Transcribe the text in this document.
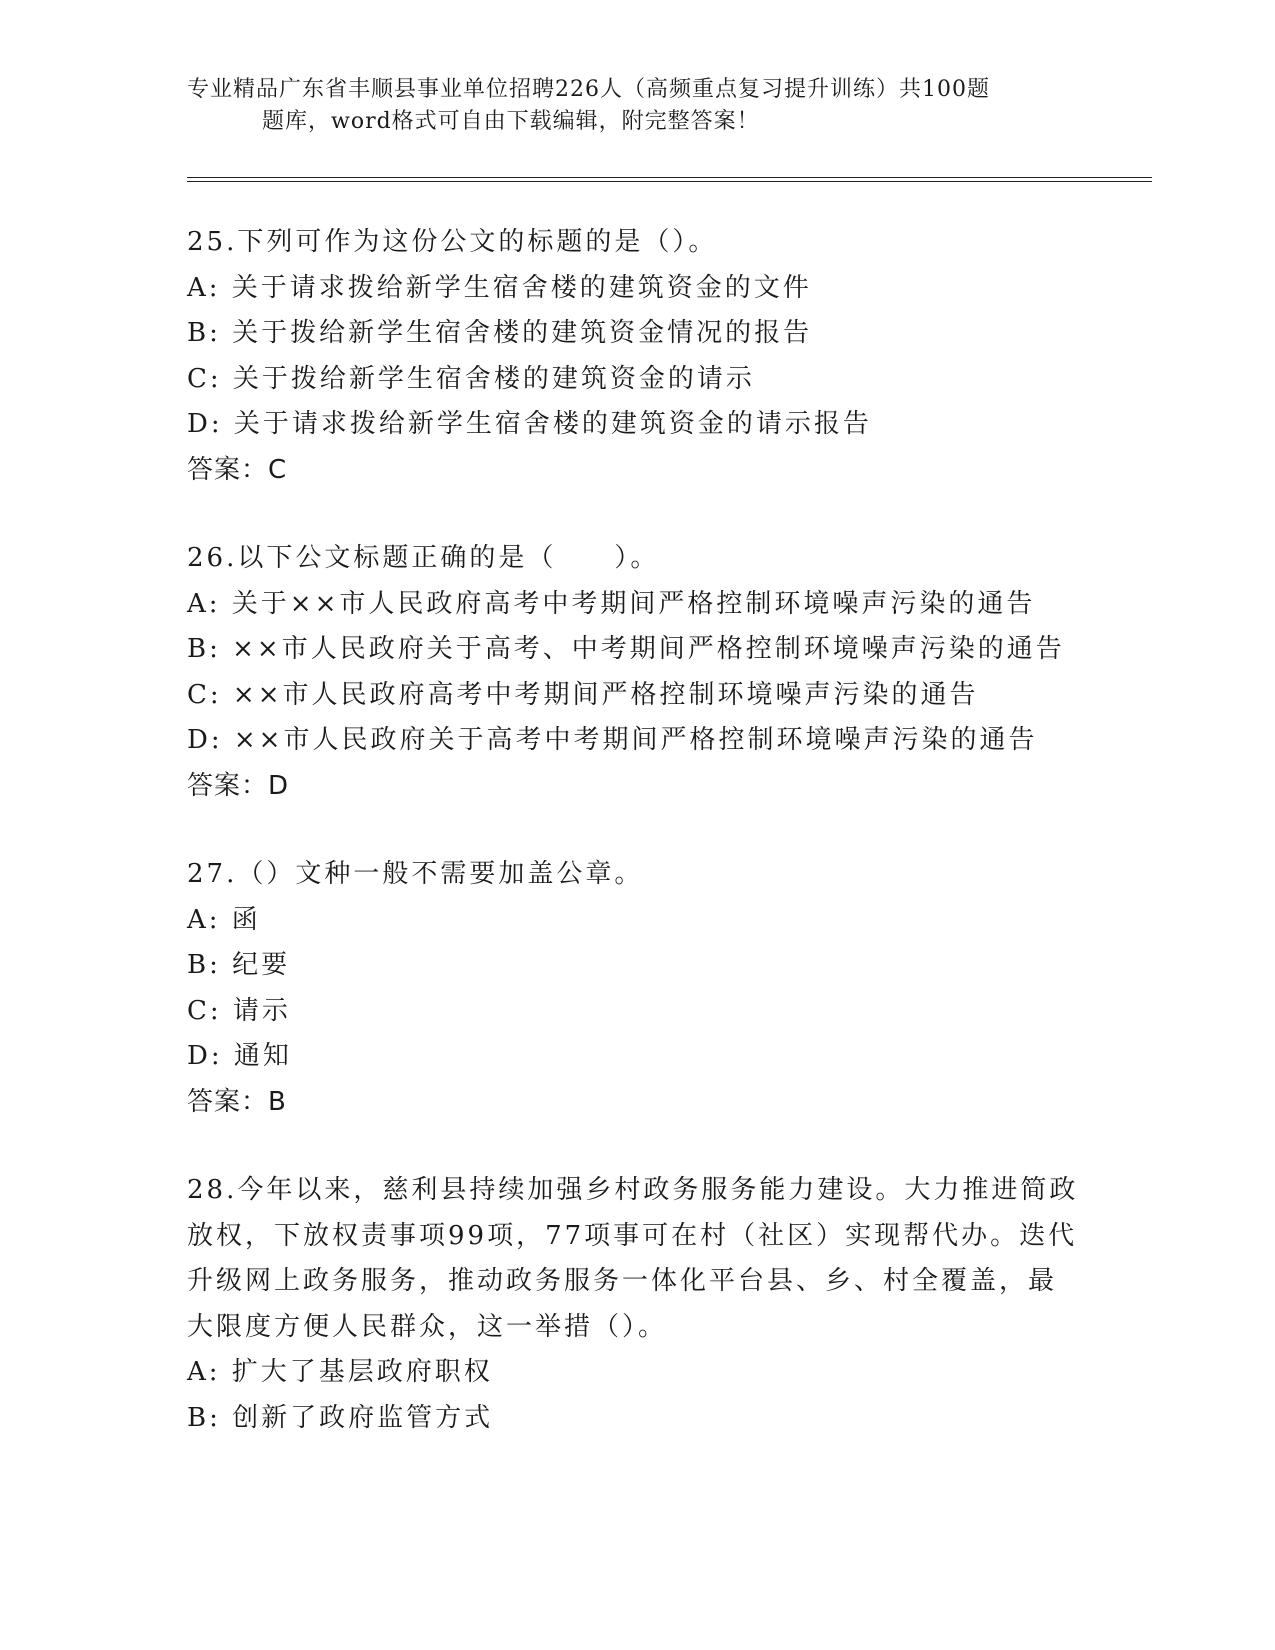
专业精品广东省丰顺县事业单位招聘226人（高频重点复习提升训练）共100题
题库，word格式可自由下载编辑，附完整答案！
25.下列可作为这份公文的标题的是（）。
A: 关于请求拨给新学生宿舍楼的建筑资金的文件
B: 关于拨给新学生宿舍楼的建筑资金情况的报告
C: 关于拨给新学生宿舍楼的建筑资金的请示
D: 关于请求拨给新学生宿舍楼的建筑资金的请示报告
答案：C
26.以下公文标题正确的是（　　）。
A: 关于××市人民政府高考中考期间严格控制环境噪声污染的通告
B: ××市人民政府关于高考、中考期间严格控制环境噪声污染的通告
C: ××市人民政府高考中考期间严格控制环境噪声污染的通告
D: ××市人民政府关于高考中考期间严格控制环境噪声污染的通告
答案：D
27.（）文种一般不需要加盖公章。
A: 函
B: 纪要
C: 请示
D: 通知
答案：B
28.今年以来，慈利县持续加强乡村政务服务能力建设。大力推进简政
放权，下放权责事项99项，77项事可在村（社区）实现帮代办。迭代
升级网上政务服务，推动政务服务一体化平台县、乡、村全覆盖，最
大限度方便人民群众，这一举措（）。
A: 扩大了基层政府职权
B: 创新了政府监管方式
